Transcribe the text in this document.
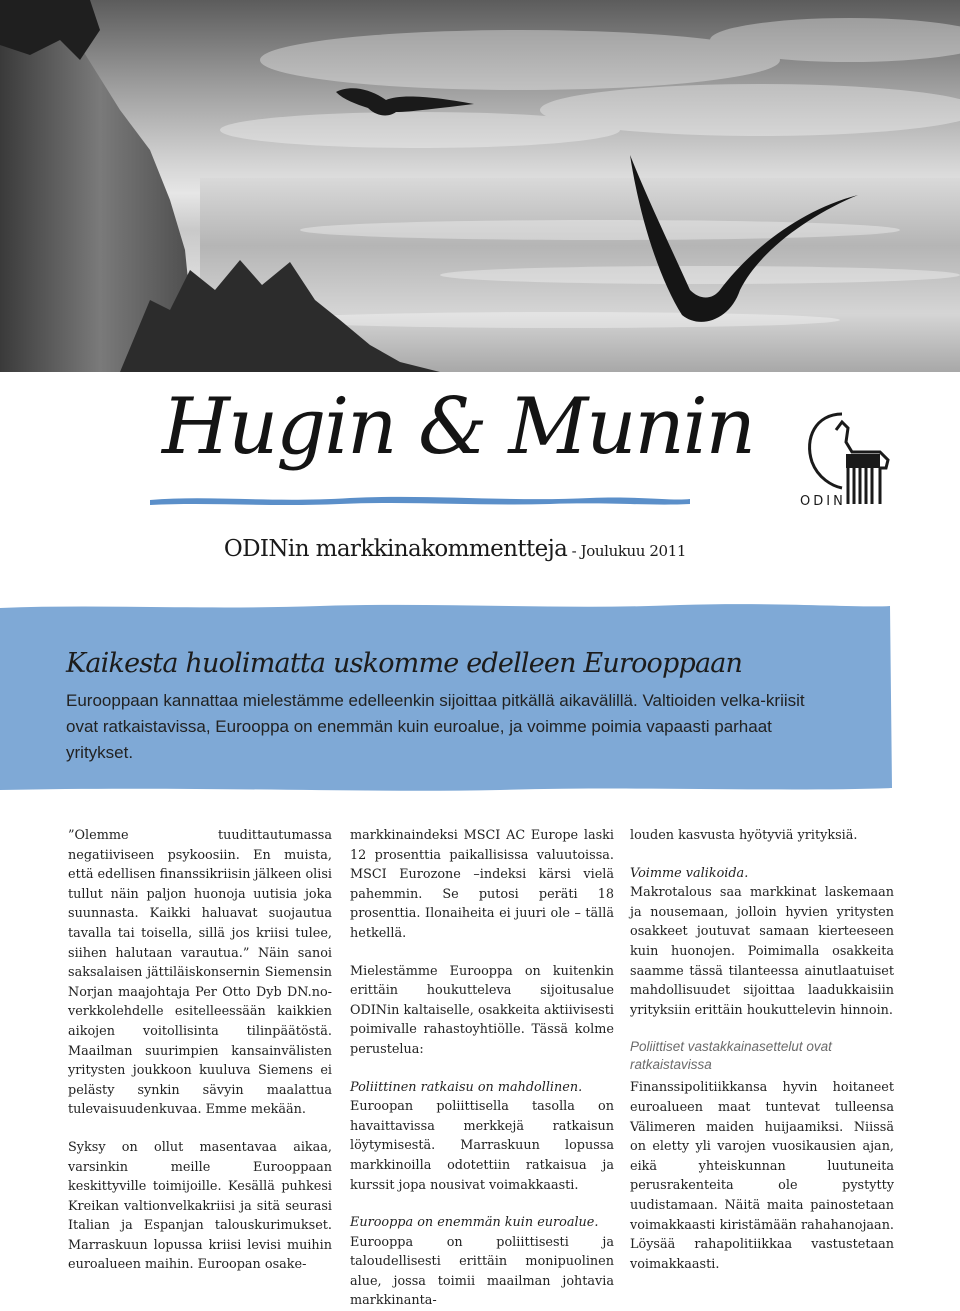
Hugin & Munin
ODIN
ODINin markkinakommentteja - Joulukuu 2011
Kaikesta huolimatta uskomme edelleen Eurooppaan

Eurooppaan kannattaa mielestämme edelleenkin sijoittaa pitkällä aikavälillä. Valtioiden velka-kriisit ovat ratkaistavissa, Eurooppa on enemmän kuin euroalue, ja voimme poimia vapaasti parhaat yritykset.

”Olemme tuudittautumassa negatiiviseen psykoosiin. En muista, että edellisen finanssikriisin jälkeen olisi tullut näin paljon huonoja uutisia joka suunnasta. Kaikki haluavat suojautua tavalla tai toisella, sillä jos kriisi tulee, siihen halutaan varautua.” Näin sanoi saksalaisen jättiläiskonsernin Siemensin Norjan maajohtaja Per Otto Dyb DN.no-verkkolehdelle esitelleessään kaikkien aikojen voitollisinta tilinpäätöstä. Maailman suurimpien kansainvälisten yritysten joukkoon kuuluva Siemens ei pelästy synkin sävyin maalattua tulevaisuudenkuvaa. Emme mekään.

Syksy on ollut masentavaa aikaa, varsinkin meille Eurooppaan keskittyville toimijoille. Kesällä puhkesi Kreikan valtionvelkakriisi ja sitä seurasi Italian ja Espanjan talouskurimukset. Marraskuun lopussa kriisi levisi muihin euroalueen maihin. Euroopan osake-

markkinaindeksi MSCI AC Europe laski 12 prosenttia paikallisissa valuutoissa. MSCI Eurozone –indeksi kärsi vielä pahemmin. Se putosi peräti 18 prosenttia. Ilonaiheita ei juuri ole – tällä hetkellä.

Mielestämme Eurooppa on kuitenkin erittäin houkutteleva sijoitusalue ODINin kaltaiselle, osakkeita aktiivisesti poimivalle rahastoyhtiölle. Tässä kolme perustelua:

Poliittinen ratkaisu on mahdollinen.

Euroopan poliittisella tasolla on havaittavissa merkkejä ratkaisun löytymisestä. Marraskuun lopussa markkinoilla odotettiin ratkaisua ja kurssit jopa nousivat voimakkaasti.

Eurooppa on enemmän kuin euroalue.

Eurooppa on poliittisesti ja taloudellisesti erittäin monipuolinen alue, jossa toimii maailman johtavia markkinanta-

louden kasvusta hyötyviä yrityksiä.

Voimme valikoida.

Makrotalous saa markkinat laskemaan ja nousemaan, jolloin hyvien yritysten osakkeet joutuvat samaan kierteeseen kuin huonojen. Poimimalla osakkeita saamme tässä tilanteessa ainutlaatuiset mahdollisuudet sijoittaa laadukkaisiin yrityksiin erittäin houkuttelevin hinnoin.

Poliittiset vastakkainasettelut ovat ratkaistavissa

Finanssipolitiikkansa hyvin hoitaneet euroalueen maat tuntevat tulleensa Välimeren maiden huijaamiksi. Niissä on eletty yli varojen vuosikausien ajan, eikä yhteiskunnan luutuneita perusrakenteita ole pystytty uudistamaan. Näitä maita painostetaan voimakkaasti kiristämään rahahanojaan. Löysää rahapolitiikkaa vastustetaan voimakkaasti.
